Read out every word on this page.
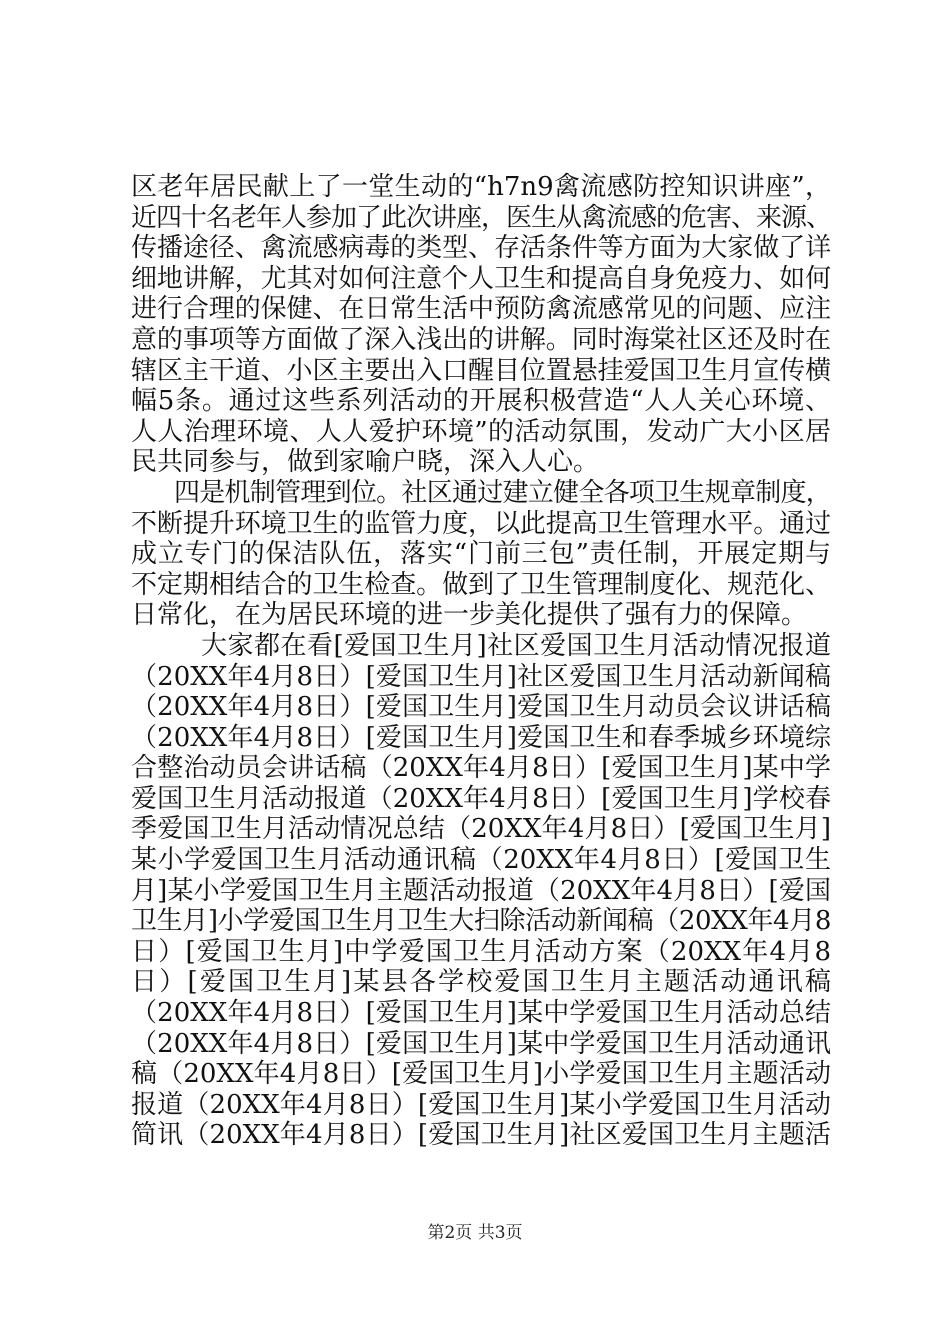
区老年居民献上了一堂生动的“h7n9禽流感防控知识讲座”，
近四十名老年人参加了此次讲座，医生从禽流感的危害、来源、
传播途径、禽流感病毒的类型、存活条件等方面为大家做了详
细地讲解，尤其对如何注意个人卫生和提高自身免疫力、如何
进行合理的保健、在日常生活中预防禽流感常见的问题、应注
意的事项等方面做了深入浅出的讲解。同时海棠社区还及时在
辖区主干道、小区主要出入口醒目位置悬挂爱国卫生月宣传横
幅5条。通过这些系列活动的开展积极营造“人人关心环境、
人人治理环境、人人爱护环境”的活动氛围，发动广大小区居
民共同参与，做到家喻户晓，深入人心。
四是机制管理到位。社区通过建立健全各项卫生规章制度，
不断提升环境卫生的监管力度，以此提高卫生管理水平。通过
成立专门的保洁队伍，落实“门前三包”责任制，开展定期与
不定期相结合的卫生检查。做到了卫生管理制度化、规范化、
日常化，在为居民环境的进一步美化提供了强有力的保障。
大家都在看[爱国卫生月]社区爱国卫生月活动情况报道
（20XX年4月8日）[爱国卫生月]社区爱国卫生月活动新闻稿
（20XX年4月8日）[爱国卫生月]爱国卫生月动员会议讲话稿
（20XX年4月8日）[爱国卫生月]爱国卫生和春季城乡环境综
合整治动员会讲话稿（20XX年4月8日）[爱国卫生月]某中学
爱国卫生月活动报道（20XX年4月8日）[爱国卫生月]学校春
季爱国卫生月活动情况总结（20XX年4月8日）[爱国卫生月]
某小学爱国卫生月活动通讯稿（20XX年4月8日）[爱国卫生
月]某小学爱国卫生月主题活动报道（20XX年4月8日）[爱国
卫生月]小学爱国卫生月卫生大扫除活动新闻稿（20XX年4月8
日）[爱国卫生月]中学爱国卫生月活动方案（20XX年4月8
日）[爱国卫生月]某县各学校爱国卫生月主题活动通讯稿
（20XX年4月8日）[爱国卫生月]某中学爱国卫生月活动总结
（20XX年4月8日）[爱国卫生月]某中学爱国卫生月活动通讯
稿（20XX年4月8日）[爱国卫生月]小学爱国卫生月主题活动
报道（20XX年4月8日）[爱国卫生月]某小学爱国卫生月活动
简讯（20XX年4月8日）[爱国卫生月]社区爱国卫生月主题活
第2页 共3页
